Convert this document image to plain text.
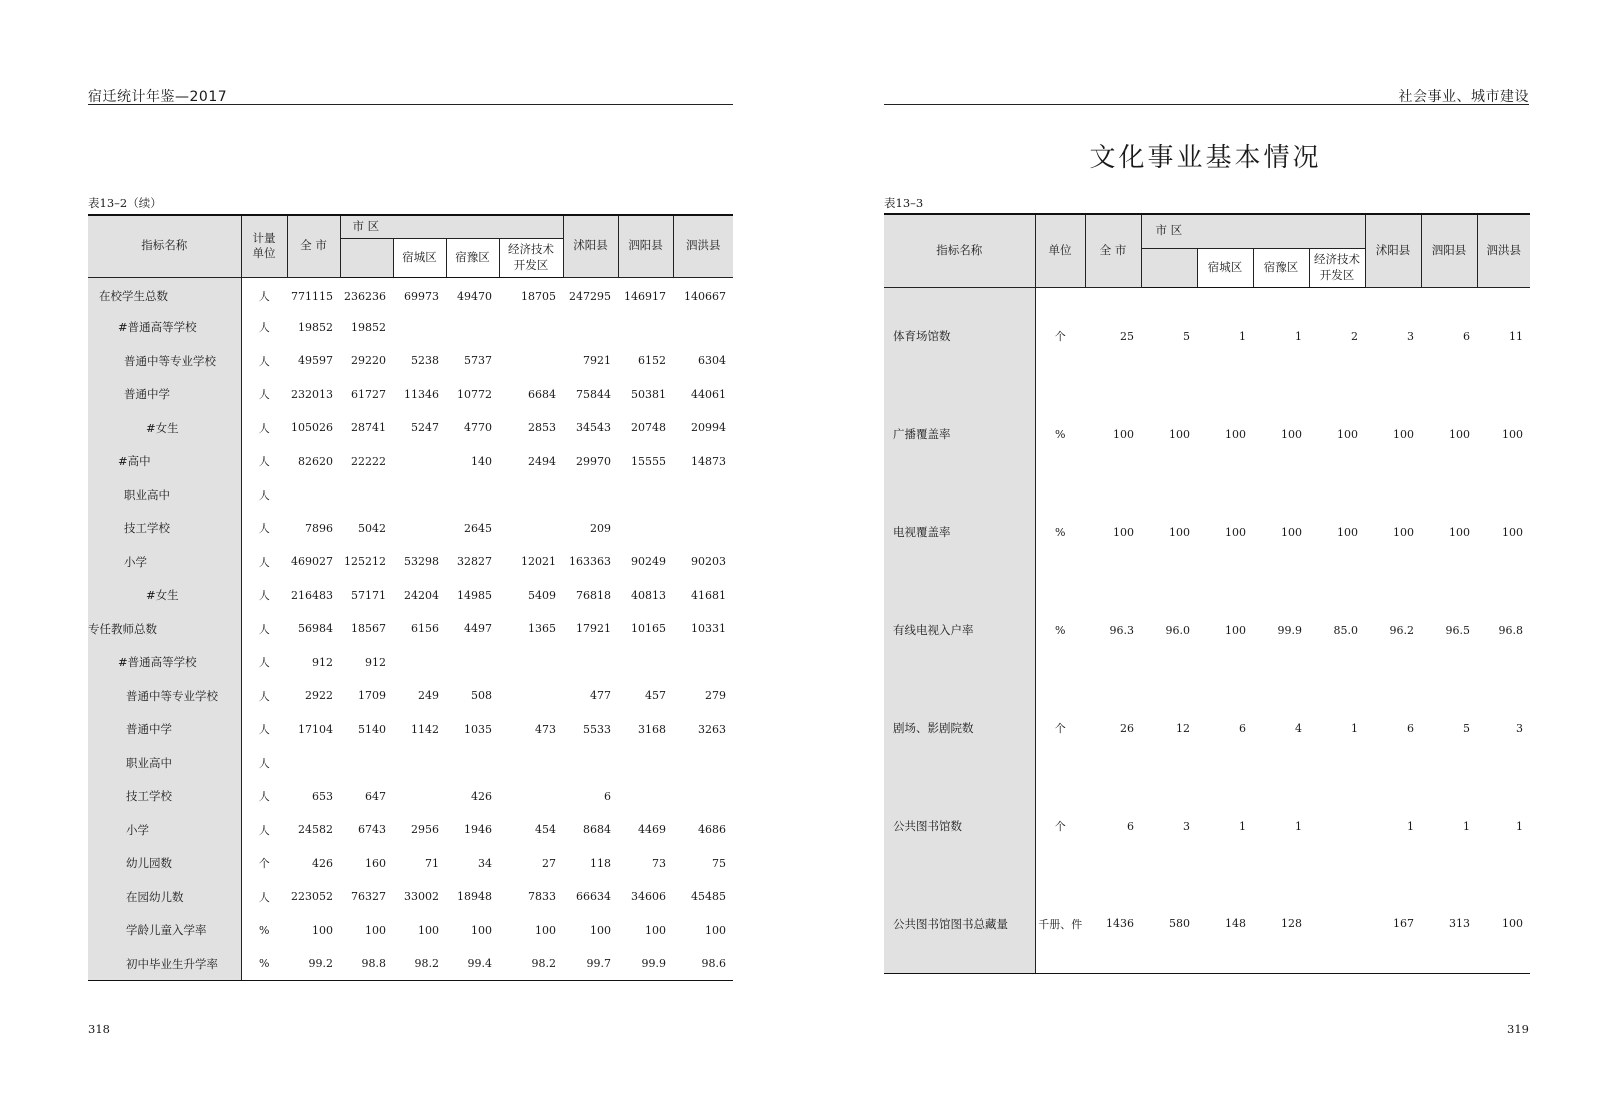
宿迁统计年鉴—2017
表13–2（续）
指标名称	计量单位	全 市	市 区				沭阳县	泗阳县	泗洪县
				宿城区	宿豫区	经济技术开发区			
在校学生总数	人	771115	236236	69973	49470	18705	247295	146917	140667
#普通高等学校	人	19852	19852						
普通中等专业学校	人	49597	29220	5238	5737		7921	6152	6304
普通中学	人	232013	61727	11346	10772	6684	75844	50381	44061
#女生	人	105026	28741	5247	4770	2853	34543	20748	20994
#高中	人	82620	22222		140	2494	29970	15555	14873
职业高中	人								
技工学校	人	7896	5042		2645		209		
小学	人	469027	125212	53298	32827	12021	163363	90249	90203
#女生	人	216483	57171	24204	14985	5409	76818	40813	41681
专任教师总数	人	56984	18567	6156	4497	1365	17921	10165	10331
#普通高等学校	人	912	912						
普通中等专业学校	人	2922	1709	249	508		477	457	279
普通中学	人	17104	5140	1142	1035	473	5533	3168	3263
职业高中	人								
技工学校	人	653	647		426		6		
小学	人	24582	6743	2956	1946	454	8684	4469	4686
幼儿园数	个	426	160	71	34	27	118	73	75
在园幼儿数	人	223052	76327	33002	18948	7833	66634	34606	45485
学龄儿童入学率	%	100	100	100	100	100	100	100	100
初中毕业生升学率	%	99.2	98.8	98.2	99.4	98.2	99.7	99.9	98.6
318
社会事业、城市建设
文化事业基本情况
表13–3
指标名称	单位	全 市	市 区				沭阳县	泗阳县	泗洪县
				宿城区	宿豫区	经济技术开发区			
体育场馆数	个	25	5	1	1	2	3	6	11
广播覆盖率	%	100	100	100	100	100	100	100	100
电视覆盖率	%	100	100	100	100	100	100	100	100
有线电视入户率	%	96.3	96.0	100	99.9	85.0	96.2	96.5	96.8
剧场、影剧院数	个	26	12	6	4	1	6	5	3
公共图书馆数	个	6	3	1	1		1	1	1
公共图书馆图书总藏量	千册、件	1436	580	148	128		167	313	100
319
